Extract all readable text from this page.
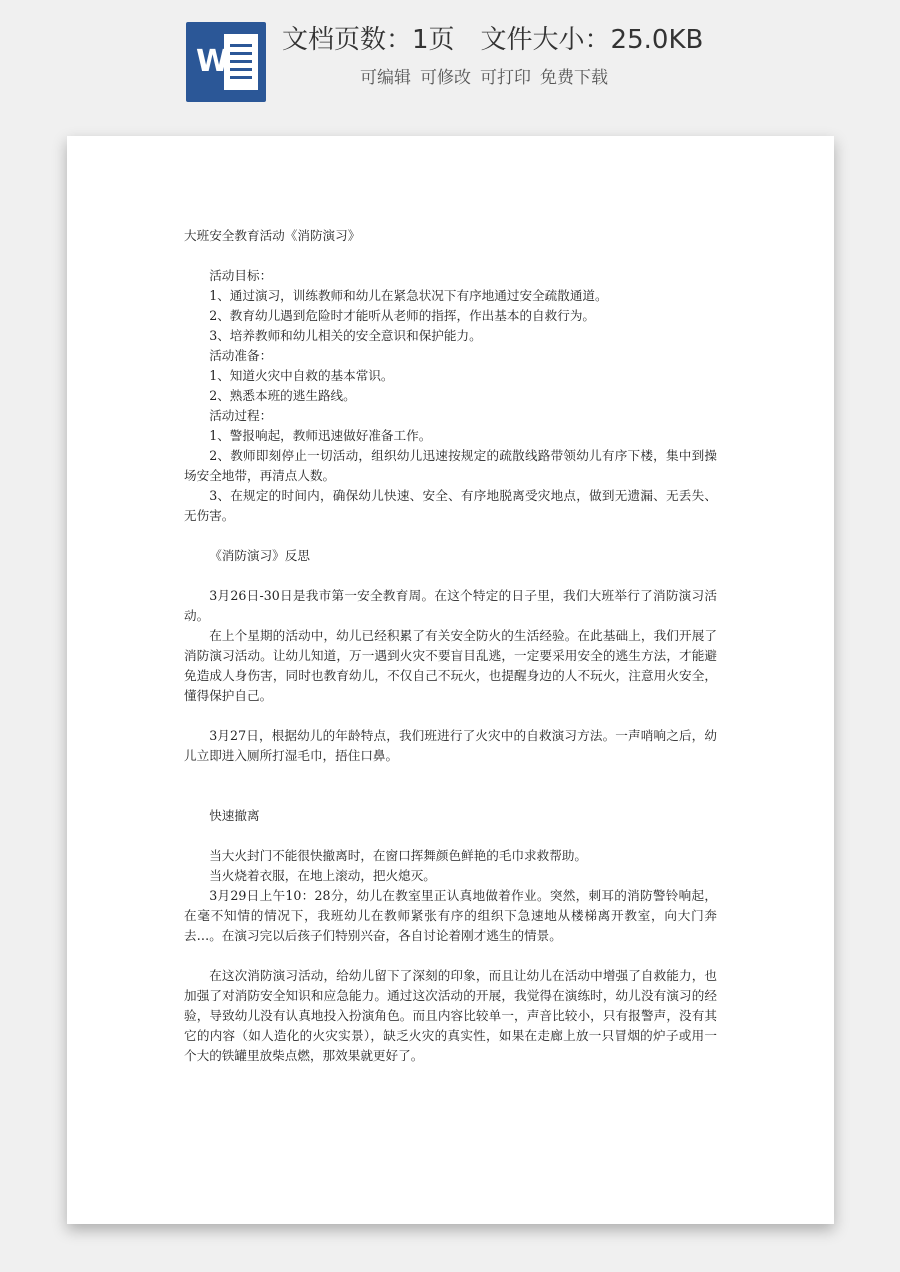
W
文档页数：1页 文件大小：25.0KB
可编辑 可修改 可打印 免费下载

大班安全教育活动《消防演习》

活动目标：

1、通过演习，训练教师和幼儿在紧急状况下有序地通过安全疏散通道。

2、教育幼儿遇到危险时才能听从老师的指挥，作出基本的自救行为。

3、培养教师和幼儿相关的安全意识和保护能力。

活动准备：

1、知道火灾中自救的基本常识。

2、熟悉本班的逃生路线。

活动过程：

1、警报响起，教师迅速做好准备工作。

2、教师即刻停止一切活动，组织幼儿迅速按规定的疏散线路带领幼儿有序下楼，集中到操场安全地带，再清点人数。

3、在规定的时间内，确保幼儿快速、安全、有序地脱离受灾地点，做到无遗漏、无丢失、无伤害。

《消防演习》反思

3月26日-30日是我市第一安全教育周。在这个特定的日子里，我们大班举行了消防演习活动。

在上个星期的活动中，幼儿已经积累了有关安全防火的生活经验。在此基础上，我们开展了消防演习活动。让幼儿知道，万一遇到火灾不要盲目乱逃，一定要采用安全的逃生方法，才能避免造成人身伤害，同时也教育幼儿，不仅自己不玩火，也提醒身边的人不玩火，注意用火安全，懂得保护自己。

3月27日，根据幼儿的年龄特点，我们班进行了火灾中的自救演习方法。一声哨响之后，幼儿立即进入厕所打湿毛巾，捂住口鼻。

快速撤离

当大火封门不能很快撤离时，在窗口挥舞颜色鲜艳的毛巾求救帮助。

当火烧着衣服，在地上滚动，把火熄灭。

3月29日上午10：28分，幼儿在教室里正认真地做着作业。突然，刺耳的消防警铃响起，在毫不知情的情况下，我班幼儿在教师紧张有序的组织下急速地从楼梯离开教室，向大门奔去…。在演习完以后孩子们特别兴奋，各自讨论着刚才逃生的情景。

在这次消防演习活动，给幼儿留下了深刻的印象，而且让幼儿在活动中增强了自救能力，也加强了对消防安全知识和应急能力。通过这次活动的开展，我觉得在演练时，幼儿没有演习的经验，导致幼儿没有认真地投入扮演角色。而且内容比较单一，声音比较小，只有报警声，没有其它的内容（如人造化的火灾实景），缺乏火灾的真实性，如果在走廊上放一只冒烟的炉子或用一个大的铁罐里放柴点燃，那效果就更好了。
